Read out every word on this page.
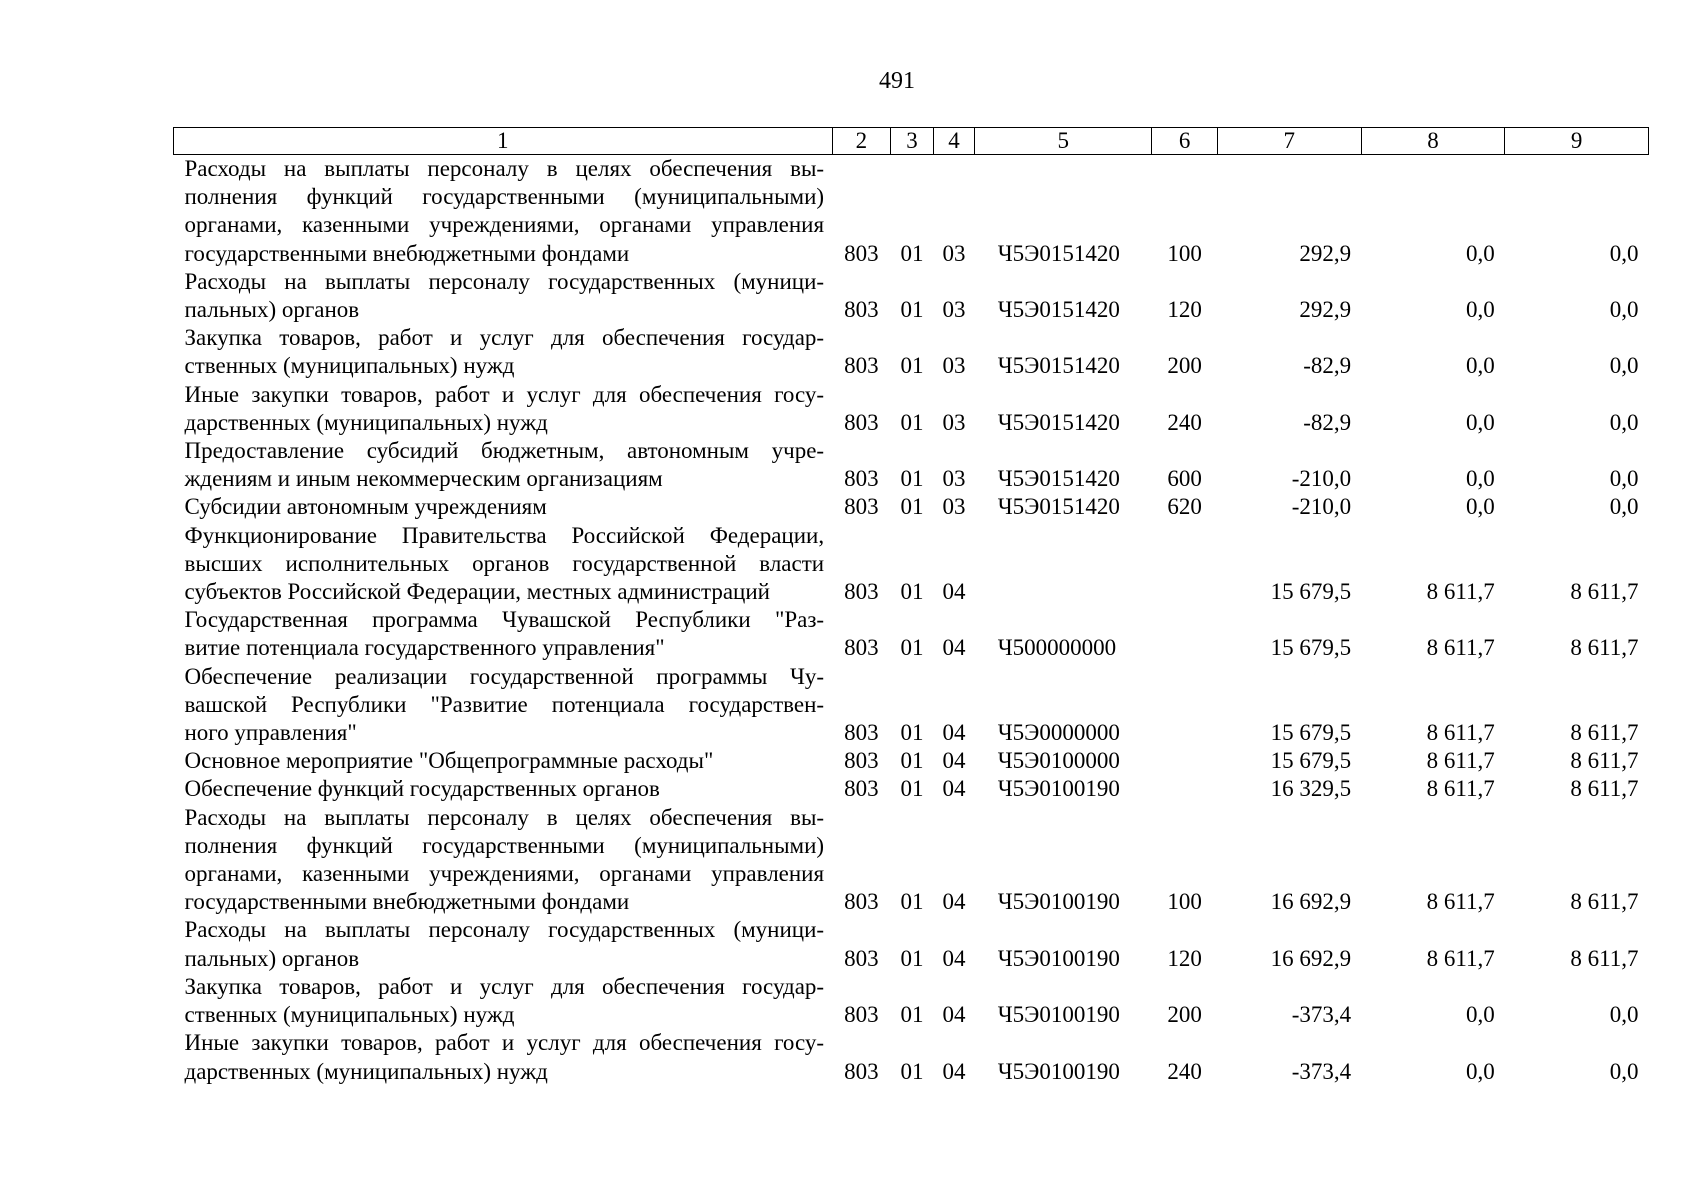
491
1	2	3	4	5	6	7	8	9

Расходы на выплаты персоналу в целях обеспечения вы-
полнения функций государственными (муниципальными)
органами, казенными учреждениями, органами управления
государственными внебюджетными фондами	803	01	03	Ч5Э0151420	100	292,9	0,0	0,0

Расходы на выплаты персоналу государственных (муници-
пальных) органов	803	01	03	Ч5Э0151420	120	292,9	0,0	0,0

Закупка товаров, работ и услуг для обеспечения государ-
ственных (муниципальных) нужд	803	01	03	Ч5Э0151420	200	-82,9	0,0	0,0

Иные закупки товаров, работ и услуг для обеспечения госу-
дарственных (муниципальных) нужд	803	01	03	Ч5Э0151420	240	-82,9	0,0	0,0

Предоставление субсидий бюджетным, автономным учре-
ждениям и иным некоммерческим организациям	803	01	03	Ч5Э0151420	600	-210,0	0,0	0,0

Субсидии автономным учреждениям	803	01	03	Ч5Э0151420	620	-210,0	0,0	0,0

Функционирование Правительства Российской Федерации,
высших исполнительных органов государственной власти
субъектов Российской Федерации, местных администраций	803	01	04			15 679,5	8 611,7	8 611,7

Государственная программа Чувашской Республики "Раз-
витие потенциала государственного управления"	803	01	04	Ч500000000		15 679,5	8 611,7	8 611,7

Обеспечение реализации государственной программы Чу-
вашской Республики "Развитие потенциала государствен-
ного управления"	803	01	04	Ч5Э0000000		15 679,5	8 611,7	8 611,7

Основное мероприятие "Общепрограммные расходы"	803	01	04	Ч5Э0100000		15 679,5	8 611,7	8 611,7

Обеспечение функций государственных органов	803	01	04	Ч5Э0100190		16 329,5	8 611,7	8 611,7

Расходы на выплаты персоналу в целях обеспечения вы-
полнения функций государственными (муниципальными)
органами, казенными учреждениями, органами управления
государственными внебюджетными фондами	803	01	04	Ч5Э0100190	100	16 692,9	8 611,7	8 611,7

Расходы на выплаты персоналу государственных (муници-
пальных) органов	803	01	04	Ч5Э0100190	120	16 692,9	8 611,7	8 611,7

Закупка товаров, работ и услуг для обеспечения государ-
ственных (муниципальных) нужд	803	01	04	Ч5Э0100190	200	-373,4	0,0	0,0

Иные закупки товаров, работ и услуг для обеспечения госу-
дарственных (муниципальных) нужд	803	01	04	Ч5Э0100190	240	-373,4	0,0	0,0
